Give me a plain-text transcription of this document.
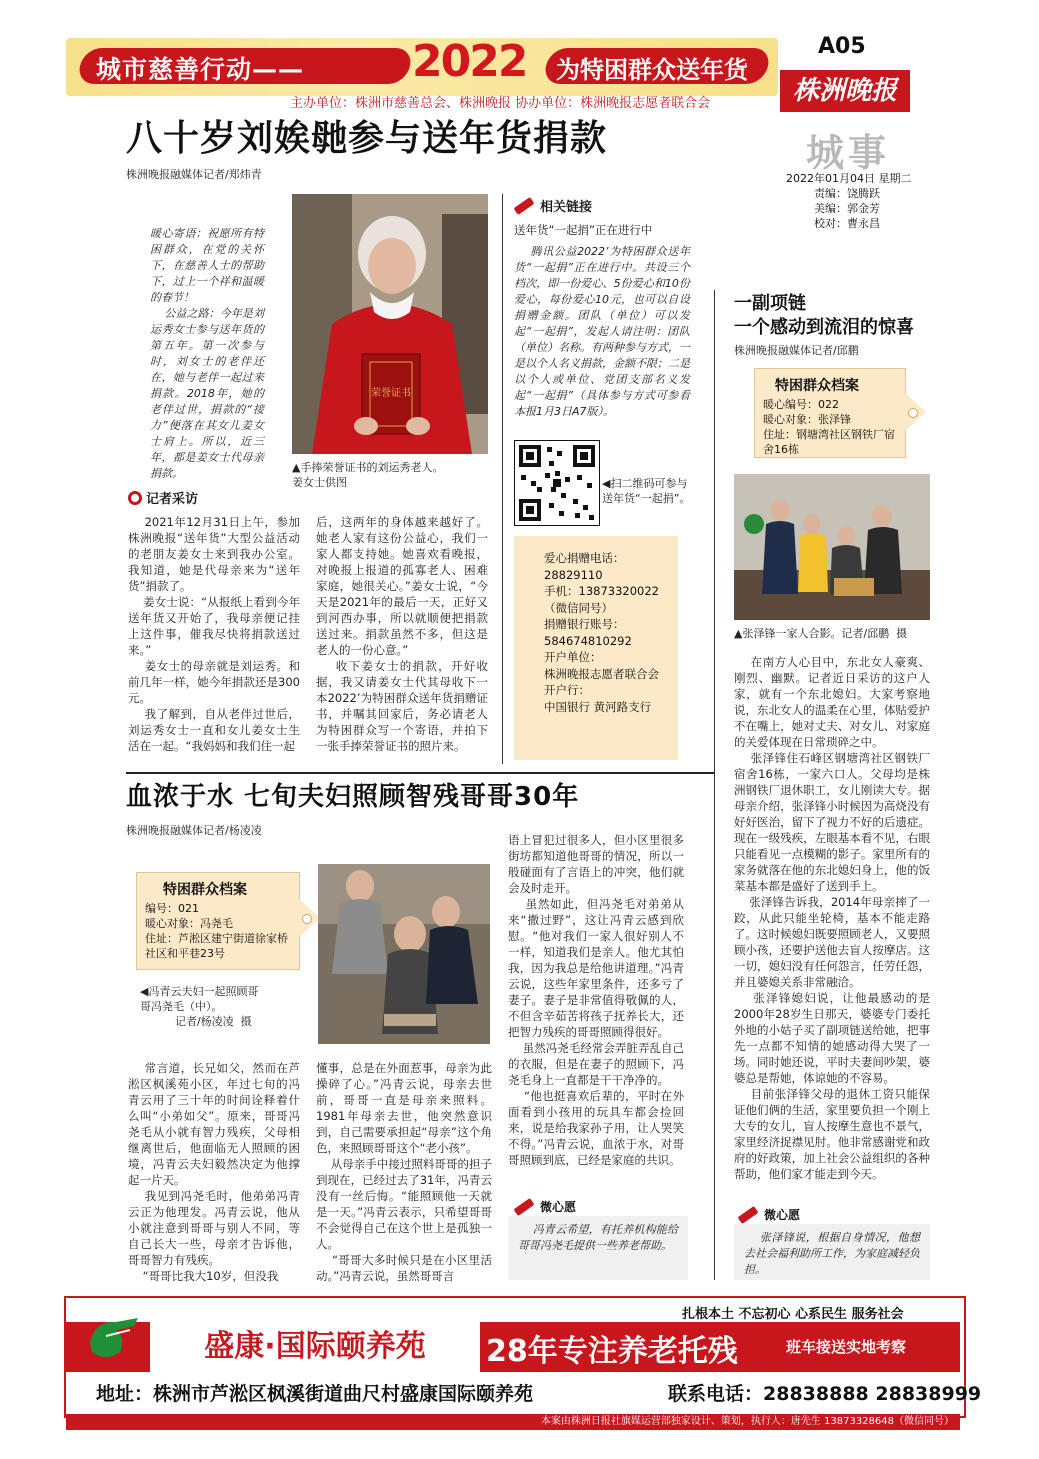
城市慈善行动—— 2022 为特困群众送年货
主办单位：株洲市慈善总会、株洲晚报 协办单位：株洲晚报志愿者联合会
A05
株洲晚报
城事
2022年01月04日 星期二
责编：饶腾跃
美编：郭金芳
校对：曹永昌
八十岁刘娭毑参与送年货捐款
株洲晚报融媒体记者/郑炜青
暖心寄语：祝愿所有特困群众，在党的关怀下，在慈善人士的帮助下，过上一个祥和温暖的春节！
公益之路：今年是刘运秀女士参与送年货的第五年。第一次参与时，刘女士的老伴还在，她与老伴一起过来捐款。2018年，她的老伴过世，捐款的“接力”便落在其女儿姜女士肩上。所以，近三年，都是姜女士代母亲捐款。
荣誉证书
▲手捧荣誉证书的刘运秀老人。
姜女士供图
记者采访
2021年12月31日上午，参加株洲晚报“送年货”大型公益活动的老朋友姜女士来到我办公室。我知道，她是代母亲来为“送年货”捐款了。
姜女士说：“从报纸上看到今年送年货又开始了，我母亲便记挂上这件事，催我尽快将捐款送过来。”
姜女士的母亲就是刘运秀。和前几年一样，她今年捐款还是300元。
我了解到，自从老伴过世后，刘运秀女士一直和女儿姜女士生活在一起。“我妈妈和我们住一起
后，这两年的身体越来越好了。她老人家有这份公益心，我们一家人都支持她。她喜欢看晚报，对晚报上报道的孤寡老人、困难家庭，她很关心。”姜女士说，“今天是2021年的最后一天，正好又到河西办事，所以就顺便把捐款送过来。捐款虽然不多，但这是老人的一份心意。”
收下姜女士的捐款，开好收据，我又请姜女士代其母收下一本2022’为特困群众送年货捐赠证书，并嘱其回家后，务必请老人为特困群众写一个寄语，并拍下一张手捧荣誉证书的照片来。
相关链接
送年货“一起捐”正在进行中
腾讯公益2022’为特困群众送年货“一起捐”正在进行中。共设三个档次，即一份爱心、5份爱心和10份爱心，每份爱心10元，也可以自设捐赠金额。团队（单位）可以发起“一起捐”，发起人请注明：团队（单位）名称。有两种参与方式，一是以个人名义捐款，金额不限；二是以个人或单位、党团支部名义发起“一起捐”（具体参与方式可参看本报1月3日A7版）。
◀扫二维码可参与送年货“一起捐”。
爱心捐赠电话：
28829110
手机：13873320022
（微信同号）
捐赠银行账号：
584674810292
开户单位：
株洲晚报志愿者联合会
开户行：
中国银行 黄河路支行
血浓于水 七旬夫妇照顾智残哥哥30年
株洲晚报融媒体记者/杨凌凌
特困群众档案
编号：021
暖心对象：冯尧毛
住址：芦淞区建宁街道徐家桥社区和平巷23号
◀冯青云夫妇一起照顾哥
哥冯尧毛（中）。
记者/杨凌凌  摄
常言道，长兄如父，然而在芦淞区枫溪苑小区，年过七旬的冯青云用了三十年的时间诠释着什么叫“小弟如父”。原来，哥哥冯尧毛从小就有智力残疾，父母相继离世后，他面临无人照顾的困境，冯青云夫妇毅然决定为他撑起一片天。
我见到冯尧毛时，他弟弟冯青云正为他理发。冯青云说，他从小就注意到哥哥与别人不同，等自己长大一些，母亲才告诉他，哥哥智力有残疾。
“哥哥比我大10岁，但没我
懂事，总是在外面惹事，母亲为此操碎了心。”冯青云说，母亲去世前，哥哥一直是母亲来照料。1981年母亲去世，他突然意识到，自己需要承担起“母亲”这个角色，来照顾哥哥这个“老小孩”。
从母亲手中接过照料哥哥的担子到现在，已经过去了31年，冯青云没有一丝后悔。“能照顾他一天就是一天。”冯青云表示，只希望哥哥不会觉得自己在这个世上是孤独一人。
“哥哥大多时候只是在小区里活动。”冯青云说，虽然哥哥言
语上冒犯过很多人，但小区里很多街坊都知道他哥哥的情况，所以一般碰面有了言语上的冲突，他们就会及时走开。
虽然如此，但冯尧毛对弟弟从来“撒过野”，这让冯青云感到欣慰。“他对我们一家人很好别人不一样，知道我们是亲人。他尤其怕我，因为我总是给他讲道理。”冯青云说，这些年家里条件，还多亏了妻子。妻子是非常值得敬佩的人，不但含辛茹苦将孩子抚养长大，还把智力残疾的哥哥照顾得很好。
虽然冯尧毛经常会弄脏弄乱自己的衣服，但是在妻子的照顾下，冯尧毛身上一直都是干干净净的。
“他也挺喜欢后辈的，平时在外面看到小孩用的玩具车都会捡回来，说是给我家孙子用，让人哭笑不得。”冯青云说，血浓于水，对哥哥照顾到底，已经是家庭的共识。
微心愿
冯青云希望，有托养机构能给哥哥冯尧毛提供一些养老帮助。
一副项链
一个感动到流泪的惊喜
株洲晚报融媒体记者/邱鹏
特困群众档案
暖心编号：022
暖心对象：张泽锋
住址：钢塘湾社区钢铁厂宿舍16栋
▲张泽锋一家人合影。记者/邱鹏  摄
在南方人心目中，东北女人豪爽、刚烈、幽默。记者近日采访的这户人家，就有一个东北媳妇。大家考察地说，东北女人的温柔在心里，体贴爱护不在嘴上，她对丈夫、对女儿、对家庭的关爱体现在日常琐碎之中。
张泽锋住石峰区钢塘湾社区钢铁厂宿舍16栋，一家六口人。父母均是株洲钢铁厂退休职工，女儿刚读大专。据母亲介绍，张泽锋小时候因为高烧没有好好医治，留下了视力不好的后遗症。现在一级残疾，左眼基本看不见，右眼只能看见一点模糊的影子。家里所有的家务就落在他的东北媳妇身上，他的饭菜基本都是盛好了送到手上。
张泽锋告诉我，2014年母亲摔了一跤，从此只能坐轮椅，基本不能走路了。这时候媳妇既要照顾老人，又要照顾小孩，还要护送他去盲人按摩店。这一切，媳妇没有任何怨言，任劳任怨，并且婆媳关系非常融洽。
张泽锋媳妇说，让他最感动的是2000年28岁生日那天，婆婆专门委托外地的小姑子买了副项链送给她，把事先一点都不知情的她感动得大哭了一场。同时她还说，平时夫妻间吵架，婆婆总是帮她，体谅她的不容易。
目前张泽锋父母的退休工资只能保证他们俩的生活，家里要负担一个刚上大专的女儿，盲人按摩生意也不景气，家里经济捉襟见肘。他非常感谢党和政府的好政策，加上社会公益组织的各种帮助，他们家才能走到今天。
微心愿
张泽锋说，根据自身情况，他想去社会福利助所工作，为家庭减轻负担。
扎根本土 不忘初心 心系民生 服务社会
盛康·国际颐养苑	28年专注养老托残	班车接送实地考察
地址：株洲市芦淞区枫溪街道曲尺村盛康国际颐养苑	联系电话：28838888 28838999
本案由株洲日报社旗媒运营部独家设计、策划，执行人：唐先生 13873328648（微信同号）
